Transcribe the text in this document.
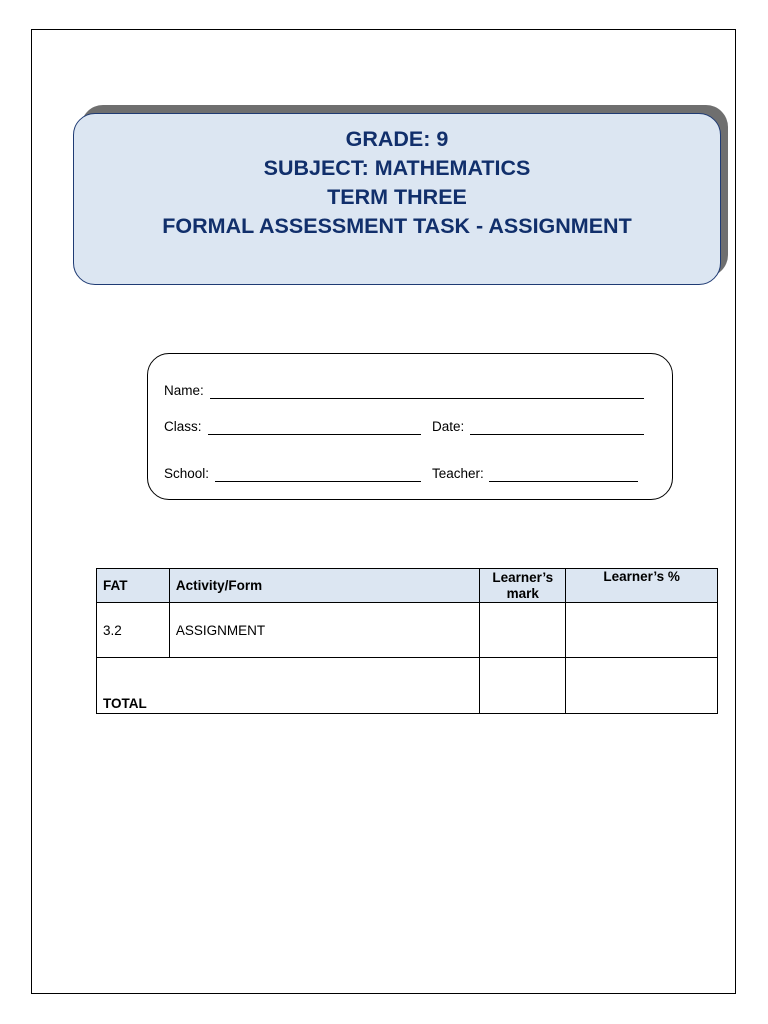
GRADE: 9
SUBJECT: MATHEMATICS
TERM THREE
FORMAL ASSESSMENT TASK - ASSIGNMENT
Name:
Class:	Date:
School:	Teacher:
FAT	Activity/Form	Learner’s mark	Learner’s %
3.2	ASSIGNMENT		
TOTAL			
